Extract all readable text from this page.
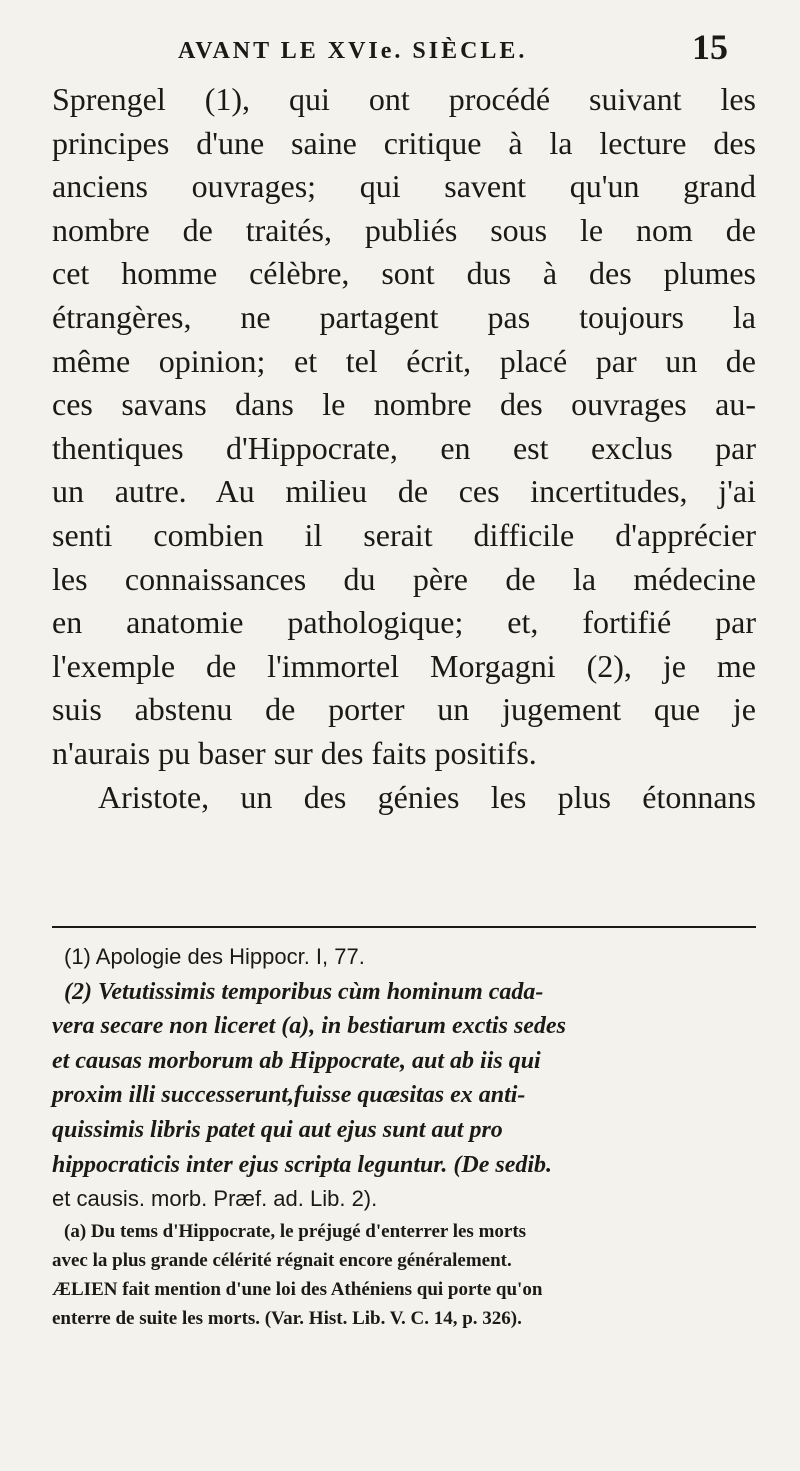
AVANT LE XVIe. SIÈCLE.	15
Sprengel (1), qui ont procédé suivant les
principes d'une saine critique à la lecture des
anciens ouvrages; qui savent qu'un grand
nombre de traités, publiés sous le nom de
cet homme célèbre, sont dus à des plumes
étrangères, ne partagent pas toujours la
même opinion; et tel écrit, placé par un de
ces savans dans le nombre des ouvrages au-
thentiques d'Hippocrate, en est exclus par
un autre. Au milieu de ces incertitudes, j'ai
senti combien il serait difficile d'apprécier
les connaissances du père de la médecine
en anatomie pathologique; et, fortifié par
l'exemple de l'immortel Morgagni (2), je me
suis abstenu de porter un jugement que je
n'aurais pu baser sur des faits positifs.
Aristote, un des génies les plus étonnans
(1) Apologie des Hippocr. I, 77.
(2) Vetutissimis temporibus cùm hominum cada-
vera secare non liceret (a), in bestiarum exctis sedes
et causas morborum ab Hippocrate, aut ab iis qui
proxim illi successerunt,fuisse quæsitas ex anti-
quissimis libris patet qui aut ejus sunt aut pro
hippocraticis inter ejus scripta leguntur. (De sedib.
et causis. morb. Præf. ad. Lib. 2).
(a) Du tems d'Hippocrate, le préjugé d'enterrer les morts
avec la plus grande célérité régnait encore généralement.
ÆLIEN fait mention d'une loi des Athéniens qui porte qu'on
enterre de suite les morts. (Var. Hist. Lib. V. C. 14, p. 326).
